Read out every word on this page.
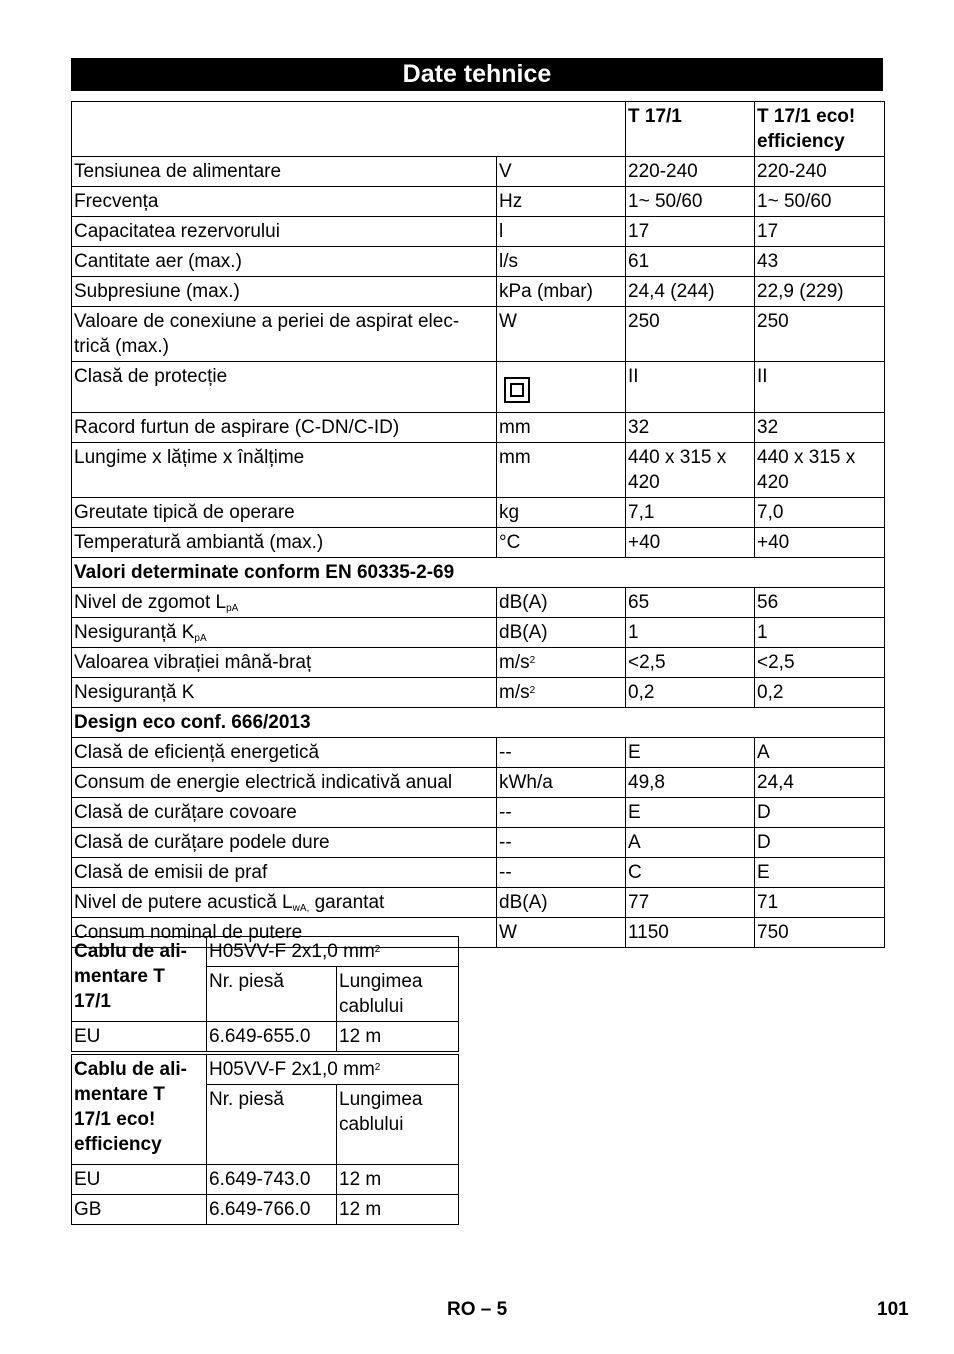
Date tehnice
		T 17/1	T 17/1 eco! efficiency
Tensiunea de alimentare	V	220-240	220-240
Frecvența	Hz	1~ 50/60	1~ 50/60
Capacitatea rezervorului	l	17	17
Cantitate aer (max.)	l/s	61	43
Subpresiune (max.)	kPa (mbar)	24,4 (244)	22,9 (229)
Valoare de conexiune a periei de aspirat elec-trică (max.)	W	250	250
Clasă de protecție		II	II
Racord furtun de aspirare (C-DN/C-ID)	mm	32	32
Lungime x lățime x înălțime	mm	440 x 315 x 420	440 x 315 x 420
Greutate tipică de operare	kg	7,1	7,0
Temperatură ambiantă (max.)	°C	+40	+40
Valori determinate conform EN 60335-2-69			
Nivel de zgomot $L_{pA}$	dB(A)	65	56
Nesiguranță $K_{pA}$	dB(A)	1	1
Valoarea vibrației mână-braț	$m/s^2$	<2,5	<2,5
Nesiguranță K	$m/s^2$	0,2	0,2
Design eco conf. 666/2013			
Clasă de eficiență energetică	--	E	A
Consum de energie electrică indicativă anual	kWh/a	49,8	24,4
Clasă de curățare covoare	--	E	D
Clasă de curățare podele dure	--	A	D
Clasă de emisii de praf	--	C	E
Nivel de putere acustică $L_{wA,}$ garantat	dB(A)	77	71
Consum nominal de putere	W	1150	750
Cablu de ali-mentare T 17/1	H05VV-F 2x1,0 $mm^2$
	Nr. piesă	Lungimea cablului
EU	6.649-655.0	12 m
Cablu de ali-mentare T 17/1 eco! efficiency	H05VV-F 2x1,0 $mm^2$
	Nr. piesă	Lungimea cablului
EU	6.649-743.0	12 m
GB	6.649-766.0	12 m
RO – 5	101
